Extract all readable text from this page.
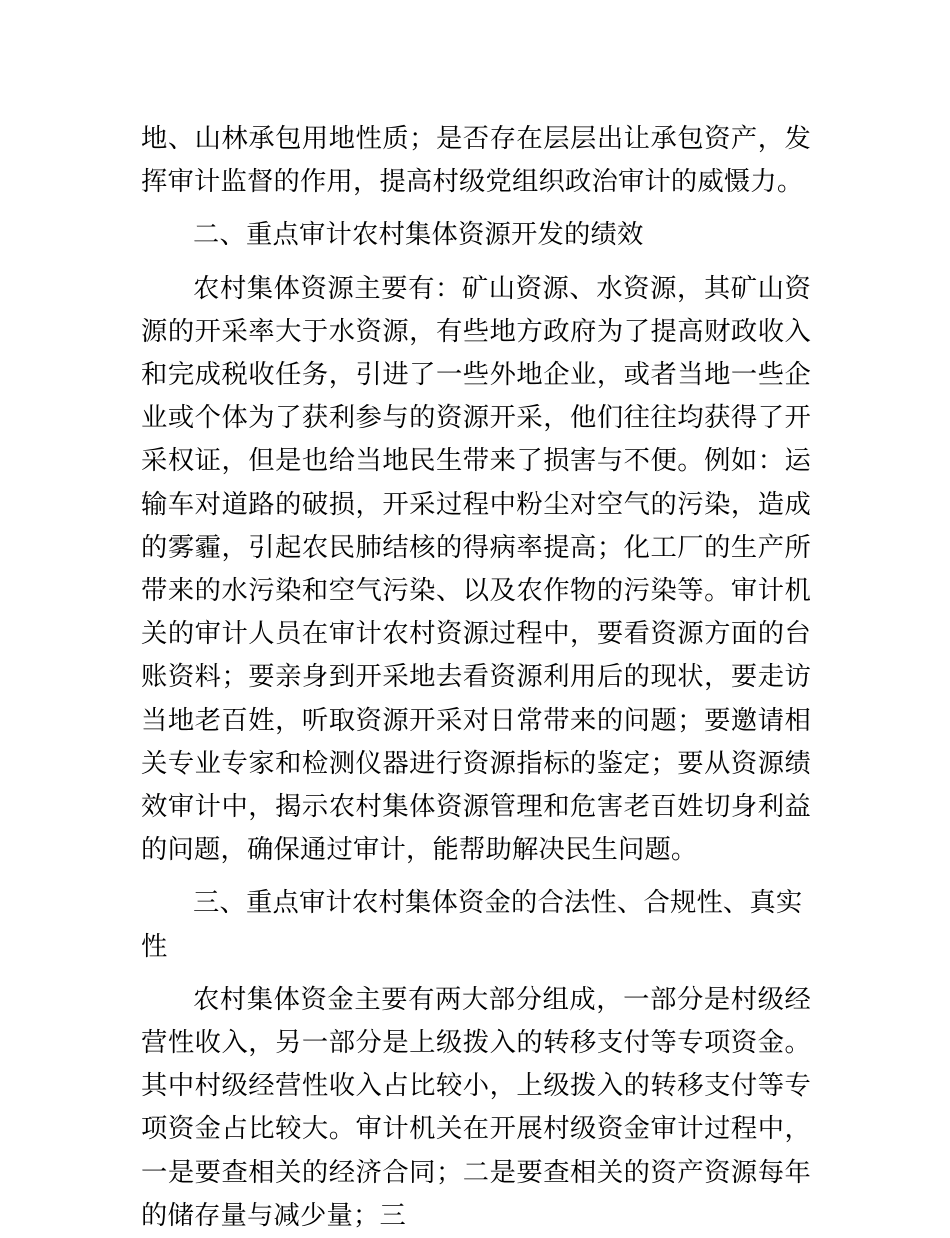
地、山林承包用地性质；是否存在层层出让承包资产，发挥审计监督的作用，提高村级党组织政治审计的威慑力。

二、重点审计农村集体资源开发的绩效

农村集体资源主要有：矿山资源、水资源，其矿山资源的开采率大于水资源，有些地方政府为了提高财政收入和完成税收任务，引进了一些外地企业，或者当地一些企业或个体为了获利参与的资源开采，他们往往均获得了开采权证，但是也给当地民生带来了损害与不便。例如：运输车对道路的破损，开采过程中粉尘对空气的污染，造成的雾霾，引起农民肺结核的得病率提高；化工厂的生产所带来的水污染和空气污染、以及农作物的污染等。审计机关的审计人员在审计农村资源过程中，要看资源方面的台账资料；要亲身到开采地去看资源利用后的现状，要走访当地老百姓，听取资源开采对日常带来的问题；要邀请相关专业专家和检测仪器进行资源指标的鉴定；要从资源绩效审计中，揭示农村集体资源管理和危害老百姓切身利益的问题，确保通过审计，能帮助解决民生问题。

三、重点审计农村集体资金的合法性、合规性、真实性

农村集体资金主要有两大部分组成，一部分是村级经营性收入，另一部分是上级拨入的转移支付等专项资金。其中村级经营性收入占比较小，上级拨入的转移支付等专项资金占比较大。审计机关在开展村级资金审计过程中，一是要查相关的经济合同；二是要查相关的资产资源每年的储存量与减少量；三
